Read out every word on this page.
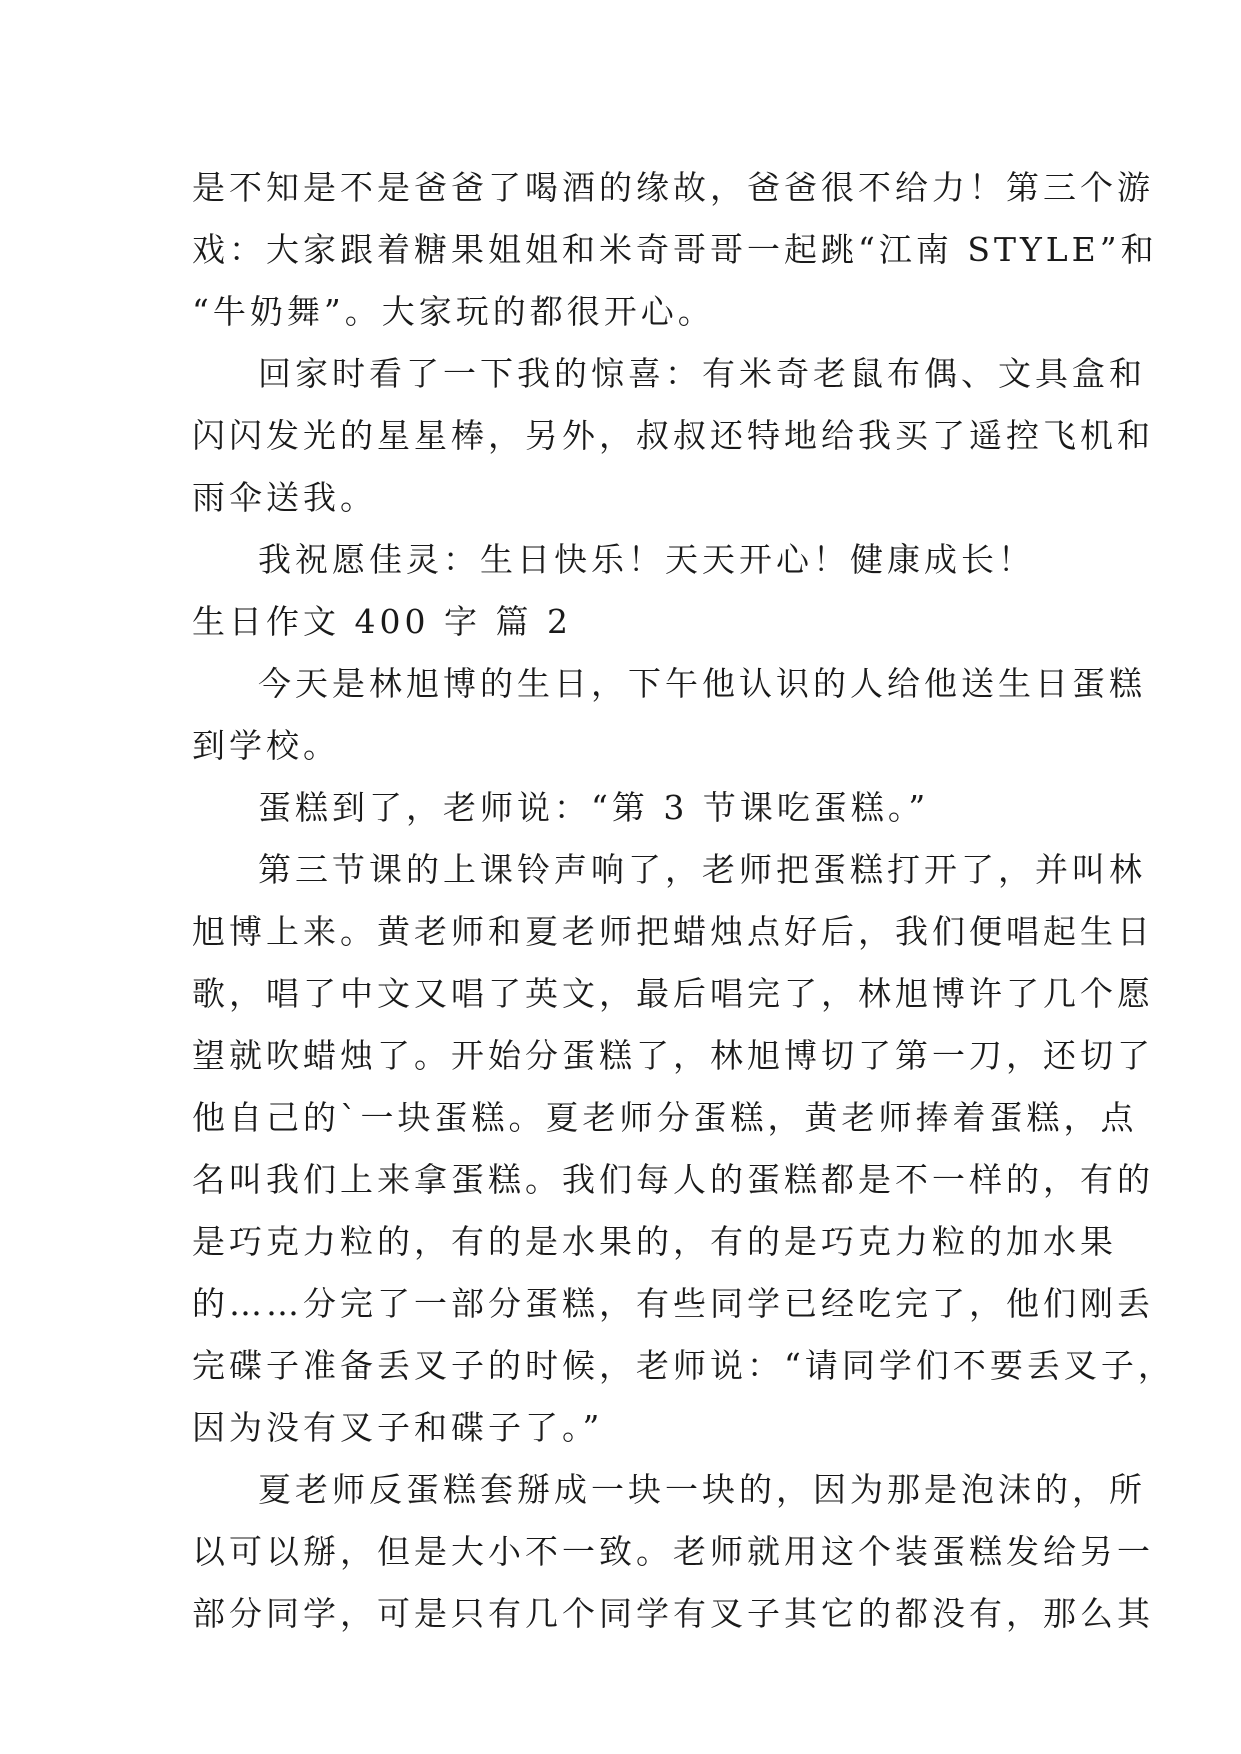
是不知是不是爸爸了喝酒的缘故，爸爸很不给力！第三个游

戏：大家跟着糖果姐姐和米奇哥哥一起跳“江南 STYLE”和

“牛奶舞”。大家玩的都很开心。

回家时看了一下我的惊喜：有米奇老鼠布偶、文具盒和

闪闪发光的星星棒，另外，叔叔还特地给我买了遥控飞机和

雨伞送我。

我祝愿佳灵：生日快乐！天天开心！健康成长！

生日作文 400 字 篇 2

今天是林旭博的生日，下午他认识的人给他送生日蛋糕

到学校。

蛋糕到了，老师说：“第 3 节课吃蛋糕。”

第三节课的上课铃声响了，老师把蛋糕打开了，并叫林

旭博上来。黄老师和夏老师把蜡烛点好后，我们便唱起生日

歌，唱了中文又唱了英文，最后唱完了，林旭博许了几个愿

望就吹蜡烛了。开始分蛋糕了，林旭博切了第一刀，还切了

他自己的`一块蛋糕。夏老师分蛋糕，黄老师捧着蛋糕，点

名叫我们上来拿蛋糕。我们每人的蛋糕都是不一样的，有的

是巧克力粒的，有的是水果的，有的是巧克力粒的加水果

的……分完了一部分蛋糕，有些同学已经吃完了，他们刚丢

完碟子准备丢叉子的时候，老师说：“请同学们不要丢叉子，

因为没有叉子和碟子了。”

夏老师反蛋糕套掰成一块一块的，因为那是泡沫的，所

以可以掰，但是大小不一致。老师就用这个装蛋糕发给另一

部分同学，可是只有几个同学有叉子其它的都没有，那么其
